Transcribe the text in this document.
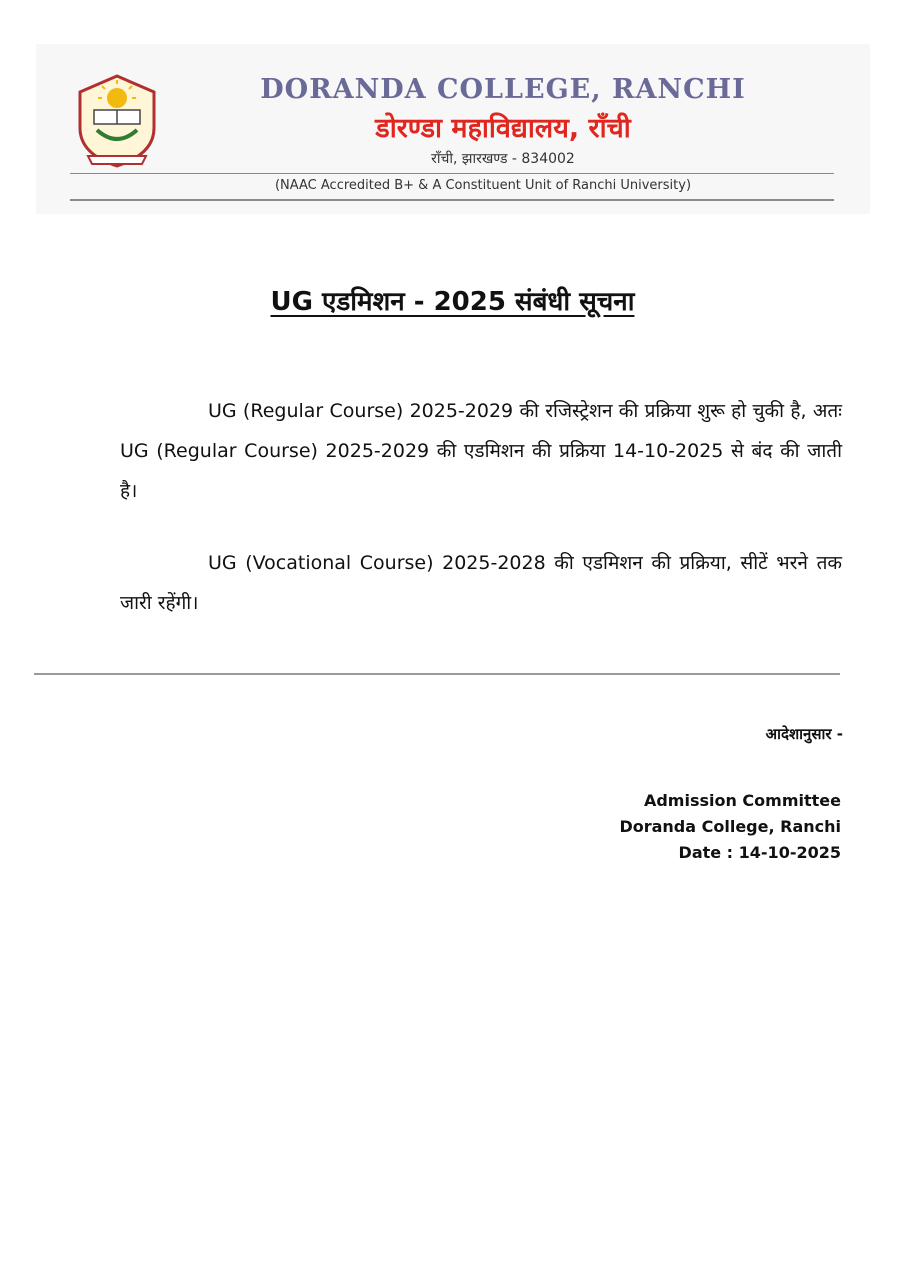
DORANDA COLLEGE, RANCHI
डोरण्डा महाविद्यालय, राँची
राँची, झारखण्ड - 834002
(NAAC Accredited B+ & A Constituent Unit of Ranchi University)
UG एडमिशन - 2025 संबंधी सूचना

UG (Regular Course) 2025-2029 की रजिस्ट्रेशन की प्रक्रिया शुरू हो चुकी है, अतः UG (Regular Course) 2025-2029 की एडमिशन की प्रक्रिया 14-10-2025 से बंद की जाती है।

UG (Vocational Course) 2025-2028 की एडमिशन की प्रक्रिया, सीटें भरने तक जारी रहेंगी।

आदेशानुसार -
Admission Committee
Doranda College, Ranchi
Date : 14-10-2025
